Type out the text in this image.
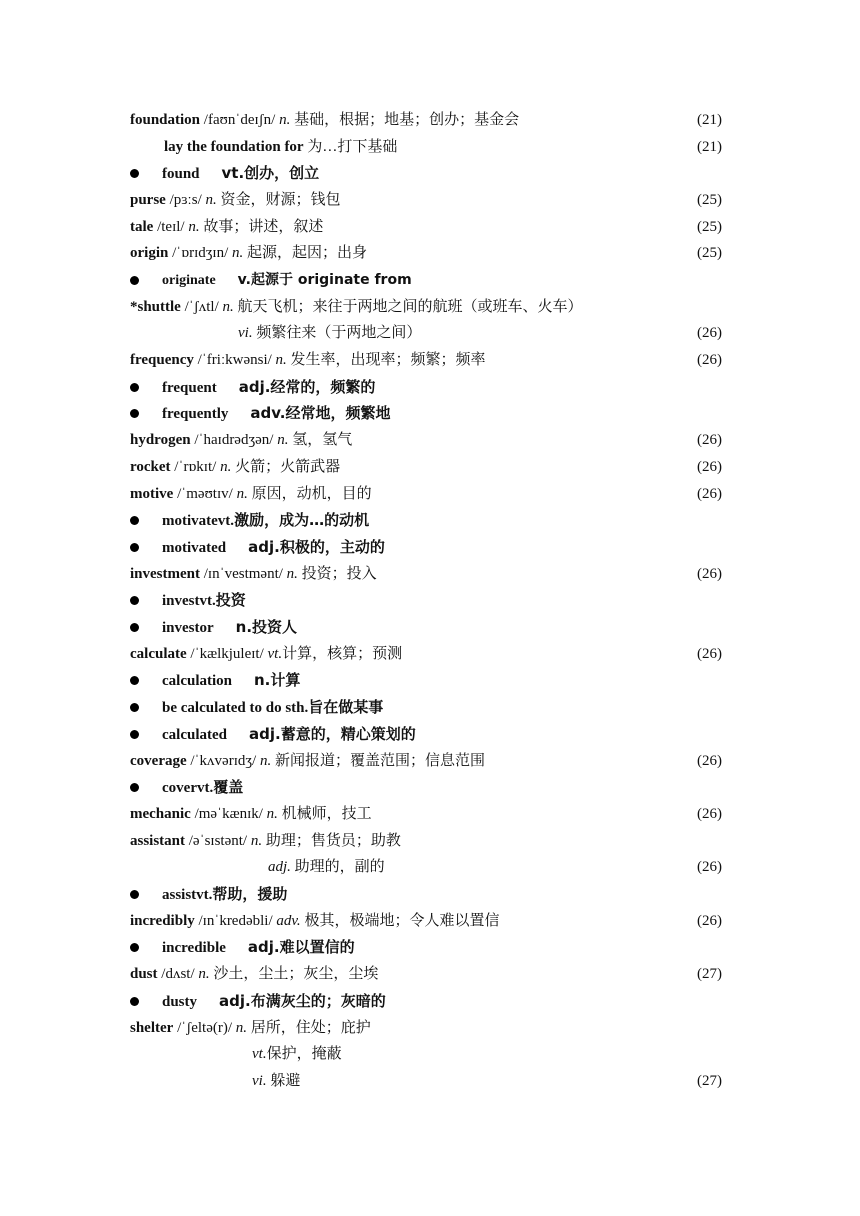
foundation /faʊnˈdeɪʃn/ n. 基础，根据；地基；创办；基金会	(21)
lay the foundation for 为…打下基础	(21)
found vt.创办，创立
purse /pɜːs/ n. 资金，财源；钱包	(25)
tale /teɪl/ n. 故事；讲述，叙述	(25)
origin /ˈɒrɪdʒɪn/ n. 起源，起因；出身	(25)
originate v.起源于 originate from
*shuttle /ˈʃʌtl/ n. 航天飞机；来往于两地之间的航班（或班车、火车）
vi. 频繁往来（于两地之间）	(26)
frequency /ˈfriːkwənsi/ n. 发生率，出现率；频繁；频率	(26)
frequent adj.经常的，频繁的
frequently adv.经常地，频繁地
hydrogen /ˈhaɪdrədʒən/ n. 氢，氢气	(26)
rocket /ˈrɒkɪt/ n. 火箭；火箭武器	(26)
motive /ˈməʊtɪv/ n. 原因，动机，目的	(26)
motivatevt.激励，成为…的动机
motivated adj.积极的，主动的
investment /ɪnˈvestmənt/ n. 投资；投入	(26)
investvt.投资
investor n.投资人
calculate /ˈkælkjuleɪt/ vt.计算，核算；预测	(26)
calculation n.计算
be calculated to do sth.旨在做某事
calculated adj.蓄意的，精心策划的
coverage /ˈkʌvərɪdʒ/ n. 新闻报道；覆盖范围；信息范围	(26)
covervt.覆盖
mechanic /məˈkænɪk/ n. 机械师，技工	(26)
assistant /əˈsɪstənt/ n. 助理；售货员；助教
adj. 助理的，副的	(26)
assistvt.帮助，援助
incredibly /ɪnˈkredəbli/ adv. 极其，极端地；令人难以置信	(26)
incredible adj.难以置信的
dust /dʌst/ n. 沙土，尘土；灰尘，尘埃	(27)
dusty adj.布满灰尘的；灰暗的
shelter /ˈʃeltə(r)/ n. 居所，住处；庇护
vt.保护，掩蔽
vi. 躲避	(27)
